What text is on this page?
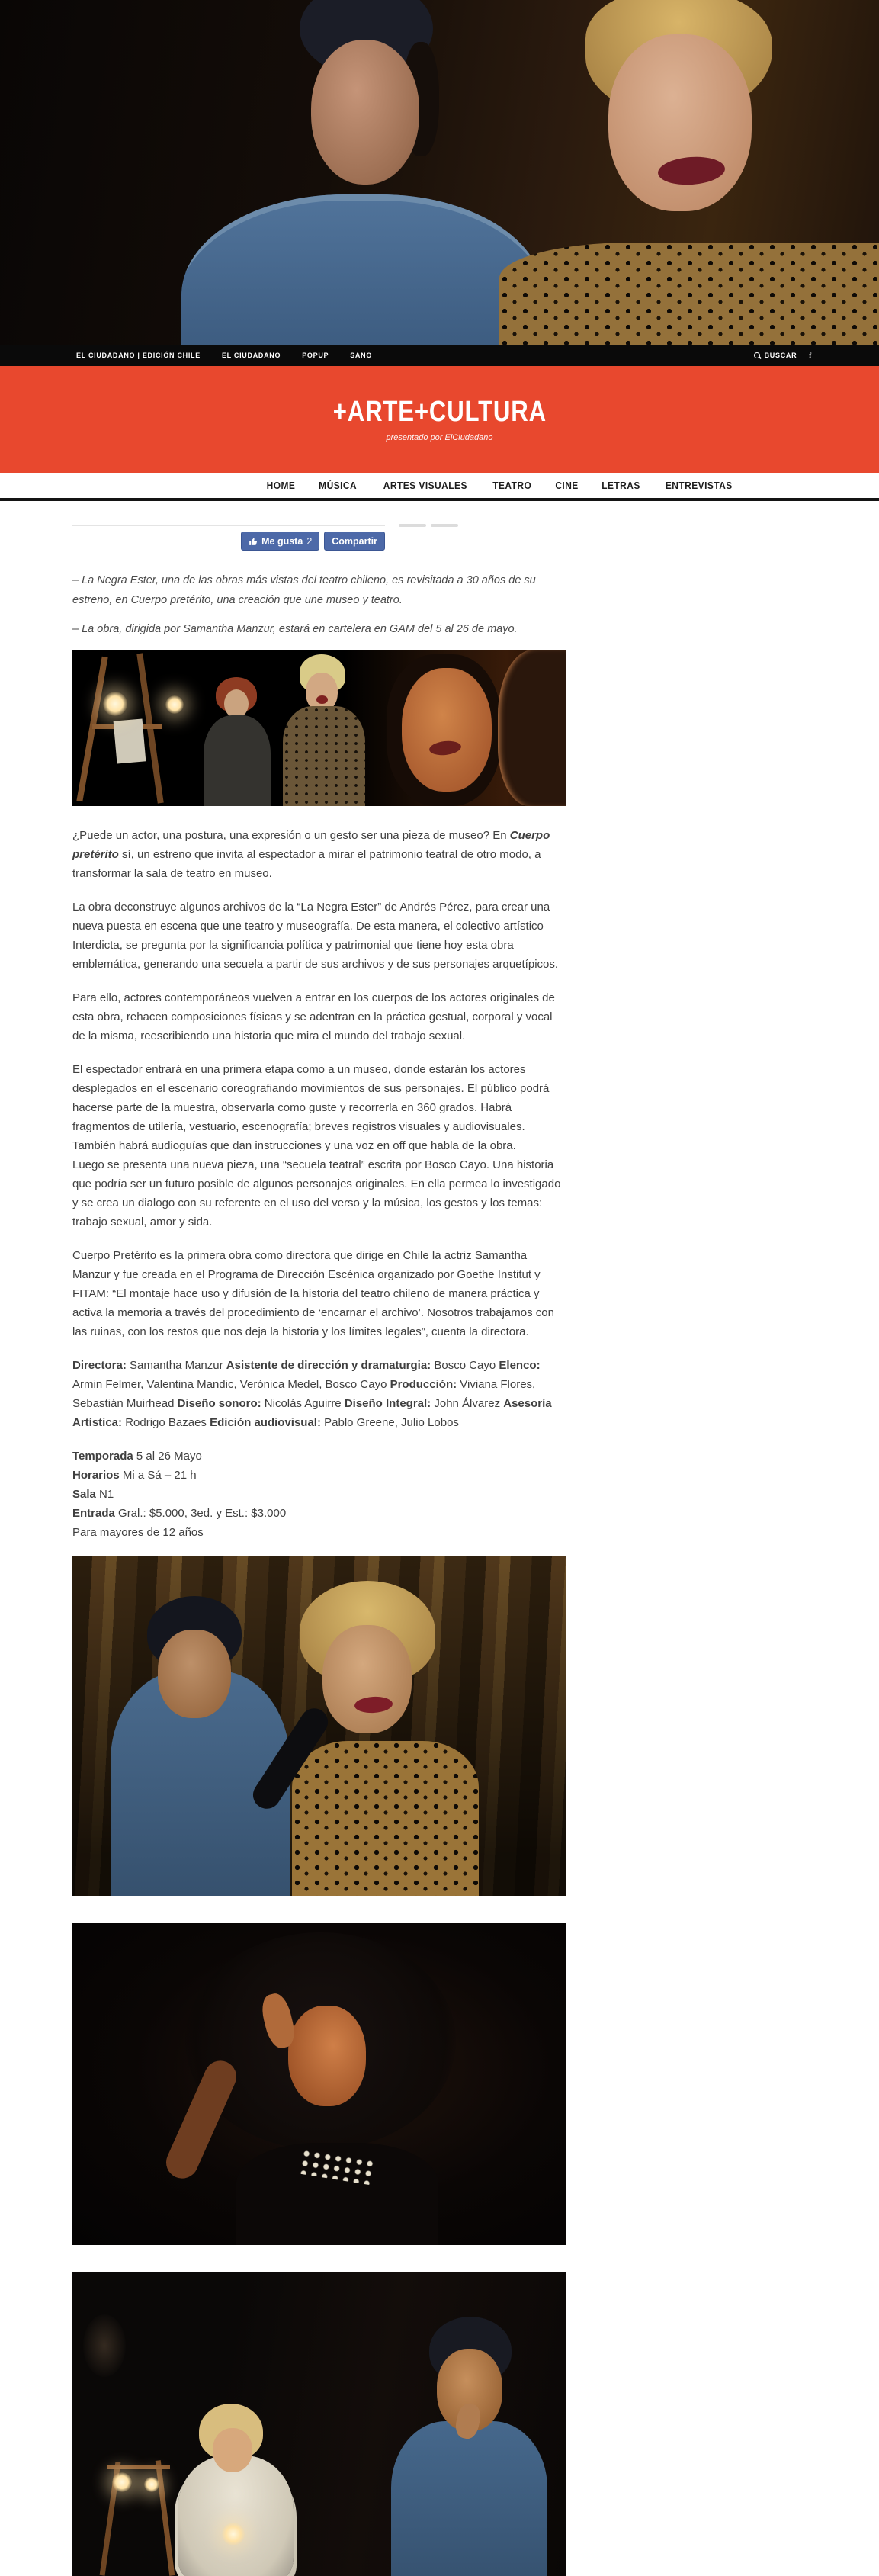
EL CIUDADANO | EDICIÓN CHILE	EL CIUDADANO	POPUP	SANO	BUSCAR f
+ARTE+CULTURA
presentado por ElCiudadano
HOME MÚSICA	ARTES VISUALES	TEATRO CINE LETRAS	ENTREVISTAS
Me gusta 2 Compartir

– La Negra Ester, una de las obras más vistas del teatro chileno, es revisitada a 30 años de su estreno, en Cuerpo pretérito, una creación que une museo y teatro.

– La obra, dirigida por Samantha Manzur, estará en cartelera en GAM del 5 al 26 de mayo.

¿Puede un actor, una postura, una expresión o un gesto ser una pieza de museo? En Cuerpo pretérito sí, un estreno que invita al espectador a mirar el patrimonio teatral de otro modo, a transformar la sala de teatro en museo.

La obra deconstruye algunos archivos de la “La Negra Ester” de Andrés Pérez, para crear una nueva puesta en escena que une teatro y museografía. De esta manera, el colectivo artístico Interdicta, se pregunta por la significancia política y patrimonial que tiene hoy esta obra emblemática, generando una secuela a partir de sus archivos y de sus personajes arquetípicos.

Para ello, actores contemporáneos vuelven a entrar en los cuerpos de los actores originales de esta obra, rehacen composiciones físicas y se adentran en la práctica gestual, corporal y vocal de la misma, reescribiendo una historia que mira el mundo del trabajo sexual.

El espectador entrará en una primera etapa como a un museo, donde estarán los actores desplegados en el escenario coreografiando movimientos de sus personajes. El público podrá hacerse parte de la muestra, observarla como guste y recorrerla en 360 grados. Habrá fragmentos de utilería, vestuario, escenografía; breves registros visuales y audiovisuales. También habrá audioguías que dan instrucciones y una voz en off que habla de la obra.
Luego se presenta una nueva pieza, una “secuela teatral” escrita por Bosco Cayo. Una historia que podría ser un futuro posible de algunos personajes originales. En ella permea lo investigado y se crea un dialogo con su referente en el uso del verso y la música, los gestos y los temas: trabajo sexual, amor y sida.

Cuerpo Pretérito es la primera obra como directora que dirige en Chile la actriz Samantha Manzur y fue creada en el Programa de Dirección Escénica organizado por Goethe Institut y FITAM: “El montaje hace uso y difusión de la historia del teatro chileno de manera práctica y activa la memoria a través del procedimiento de ‘encarnar el archivo’. Nosotros trabajamos con las ruinas, con los restos que nos deja la historia y los límites legales”, cuenta la directora.

Directora: Samantha Manzur Asistente de dirección y dramaturgia: Bosco Cayo Elenco: Armin Felmer, Valentina Mandic, Verónica Medel, Bosco Cayo Producción: Viviana Flores, Sebastián Muirhead Diseño sonoro: Nicolás Aguirre Diseño Integral: John Álvarez Asesoría Artística: Rodrigo Bazaes Edición audiovisual: Pablo Greene, Julio Lobos

Temporada 5 al 26 Mayo
Horarios Mi a Sá – 21 h
Sala N1
Entrada Gral.: $5.000, 3ed. y Est.: $3.000
Para mayores de 12 años
